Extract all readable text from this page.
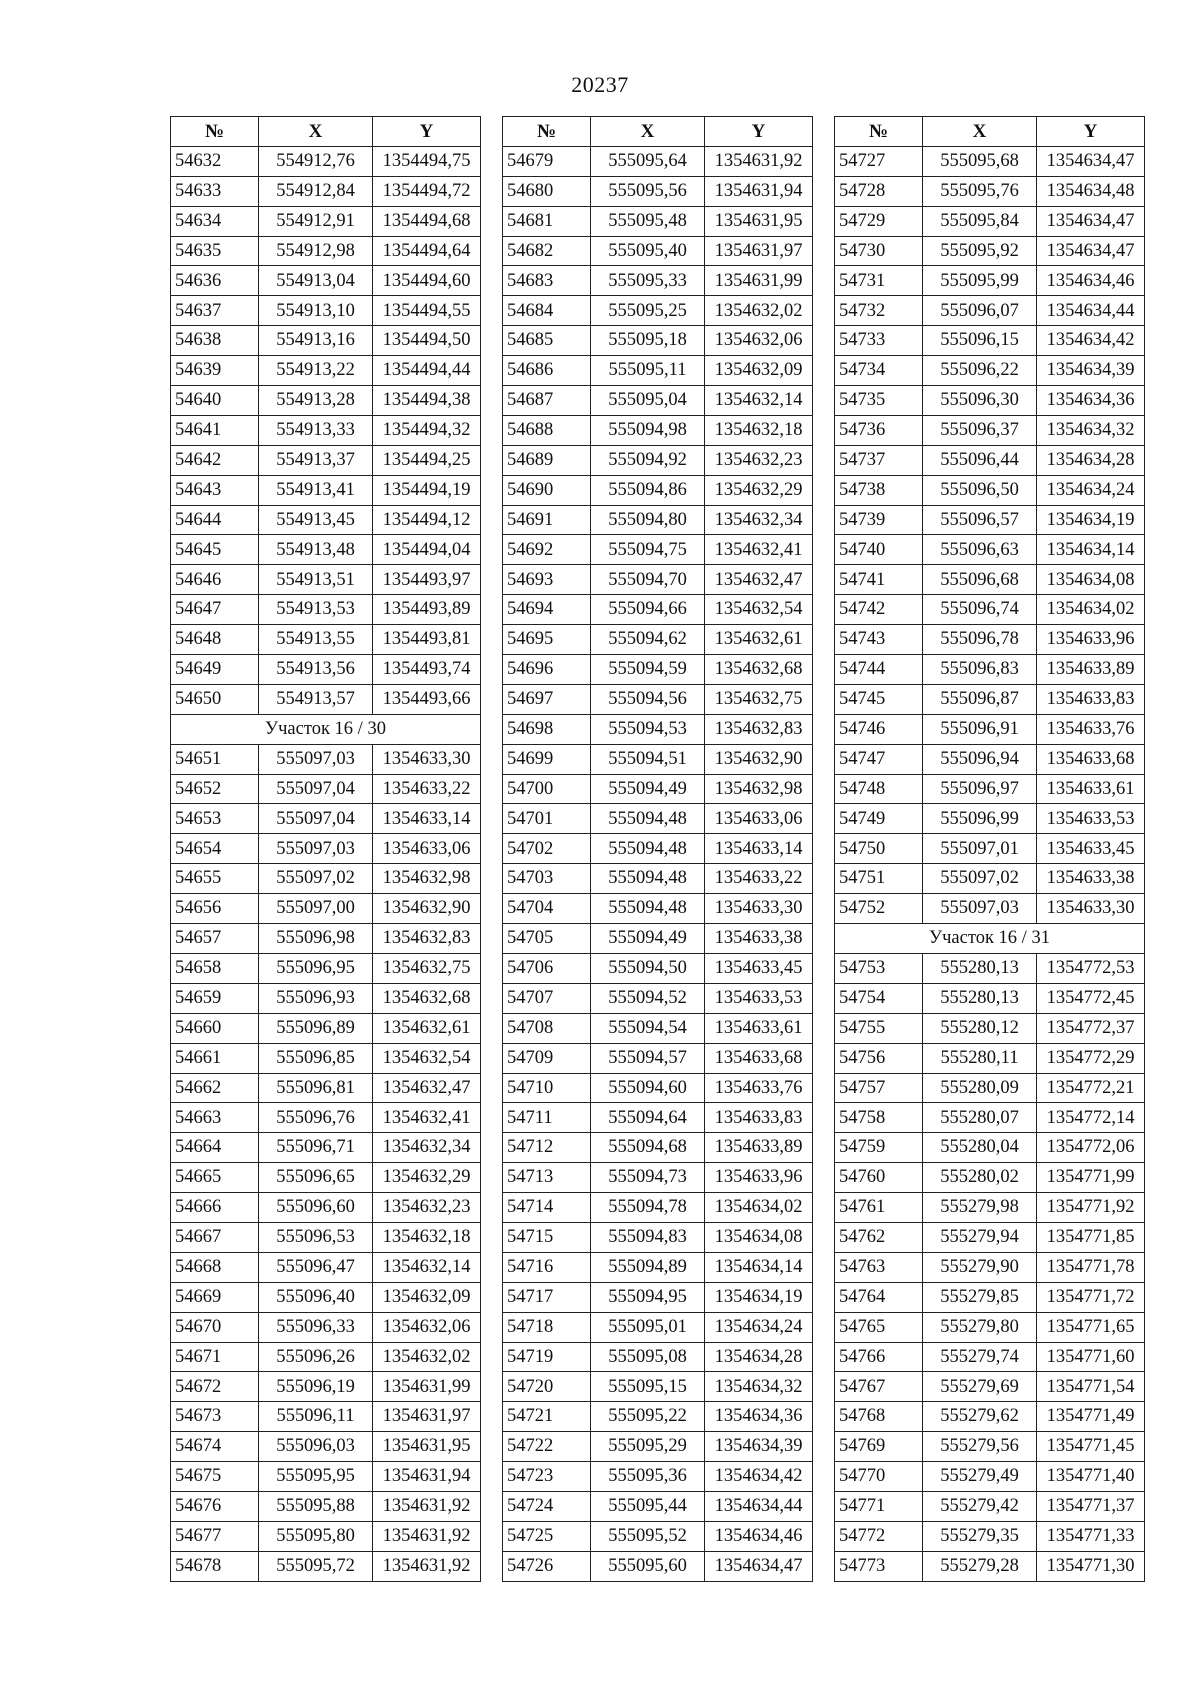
20237
№	X	Y
54632	554912,76	1354494,75
54633	554912,84	1354494,72
54634	554912,91	1354494,68
54635	554912,98	1354494,64
54636	554913,04	1354494,60
54637	554913,10	1354494,55
54638	554913,16	1354494,50
54639	554913,22	1354494,44
54640	554913,28	1354494,38
54641	554913,33	1354494,32
54642	554913,37	1354494,25
54643	554913,41	1354494,19
54644	554913,45	1354494,12
54645	554913,48	1354494,04
54646	554913,51	1354493,97
54647	554913,53	1354493,89
54648	554913,55	1354493,81
54649	554913,56	1354493,74
54650	554913,57	1354493,66
Участок 16 / 30		
54651	555097,03	1354633,30
54652	555097,04	1354633,22
54653	555097,04	1354633,14
54654	555097,03	1354633,06
54655	555097,02	1354632,98
54656	555097,00	1354632,90
54657	555096,98	1354632,83
54658	555096,95	1354632,75
54659	555096,93	1354632,68
54660	555096,89	1354632,61
54661	555096,85	1354632,54
54662	555096,81	1354632,47
54663	555096,76	1354632,41
54664	555096,71	1354632,34
54665	555096,65	1354632,29
54666	555096,60	1354632,23
54667	555096,53	1354632,18
54668	555096,47	1354632,14
54669	555096,40	1354632,09
54670	555096,33	1354632,06
54671	555096,26	1354632,02
54672	555096,19	1354631,99
54673	555096,11	1354631,97
54674	555096,03	1354631,95
54675	555095,95	1354631,94
54676	555095,88	1354631,92
54677	555095,80	1354631,92
54678	555095,72	1354631,92
№	X	Y
54679	555095,64	1354631,92
54680	555095,56	1354631,94
54681	555095,48	1354631,95
54682	555095,40	1354631,97
54683	555095,33	1354631,99
54684	555095,25	1354632,02
54685	555095,18	1354632,06
54686	555095,11	1354632,09
54687	555095,04	1354632,14
54688	555094,98	1354632,18
54689	555094,92	1354632,23
54690	555094,86	1354632,29
54691	555094,80	1354632,34
54692	555094,75	1354632,41
54693	555094,70	1354632,47
54694	555094,66	1354632,54
54695	555094,62	1354632,61
54696	555094,59	1354632,68
54697	555094,56	1354632,75
54698	555094,53	1354632,83
54699	555094,51	1354632,90
54700	555094,49	1354632,98
54701	555094,48	1354633,06
54702	555094,48	1354633,14
54703	555094,48	1354633,22
54704	555094,48	1354633,30
54705	555094,49	1354633,38
54706	555094,50	1354633,45
54707	555094,52	1354633,53
54708	555094,54	1354633,61
54709	555094,57	1354633,68
54710	555094,60	1354633,76
54711	555094,64	1354633,83
54712	555094,68	1354633,89
54713	555094,73	1354633,96
54714	555094,78	1354634,02
54715	555094,83	1354634,08
54716	555094,89	1354634,14
54717	555094,95	1354634,19
54718	555095,01	1354634,24
54719	555095,08	1354634,28
54720	555095,15	1354634,32
54721	555095,22	1354634,36
54722	555095,29	1354634,39
54723	555095,36	1354634,42
54724	555095,44	1354634,44
54725	555095,52	1354634,46
54726	555095,60	1354634,47
№	X	Y
54727	555095,68	1354634,47
54728	555095,76	1354634,48
54729	555095,84	1354634,47
54730	555095,92	1354634,47
54731	555095,99	1354634,46
54732	555096,07	1354634,44
54733	555096,15	1354634,42
54734	555096,22	1354634,39
54735	555096,30	1354634,36
54736	555096,37	1354634,32
54737	555096,44	1354634,28
54738	555096,50	1354634,24
54739	555096,57	1354634,19
54740	555096,63	1354634,14
54741	555096,68	1354634,08
54742	555096,74	1354634,02
54743	555096,78	1354633,96
54744	555096,83	1354633,89
54745	555096,87	1354633,83
54746	555096,91	1354633,76
54747	555096,94	1354633,68
54748	555096,97	1354633,61
54749	555096,99	1354633,53
54750	555097,01	1354633,45
54751	555097,02	1354633,38
54752	555097,03	1354633,30
Участок 16 / 31		
54753	555280,13	1354772,53
54754	555280,13	1354772,45
54755	555280,12	1354772,37
54756	555280,11	1354772,29
54757	555280,09	1354772,21
54758	555280,07	1354772,14
54759	555280,04	1354772,06
54760	555280,02	1354771,99
54761	555279,98	1354771,92
54762	555279,94	1354771,85
54763	555279,90	1354771,78
54764	555279,85	1354771,72
54765	555279,80	1354771,65
54766	555279,74	1354771,60
54767	555279,69	1354771,54
54768	555279,62	1354771,49
54769	555279,56	1354771,45
54770	555279,49	1354771,40
54771	555279,42	1354771,37
54772	555279,35	1354771,33
54773	555279,28	1354771,30
